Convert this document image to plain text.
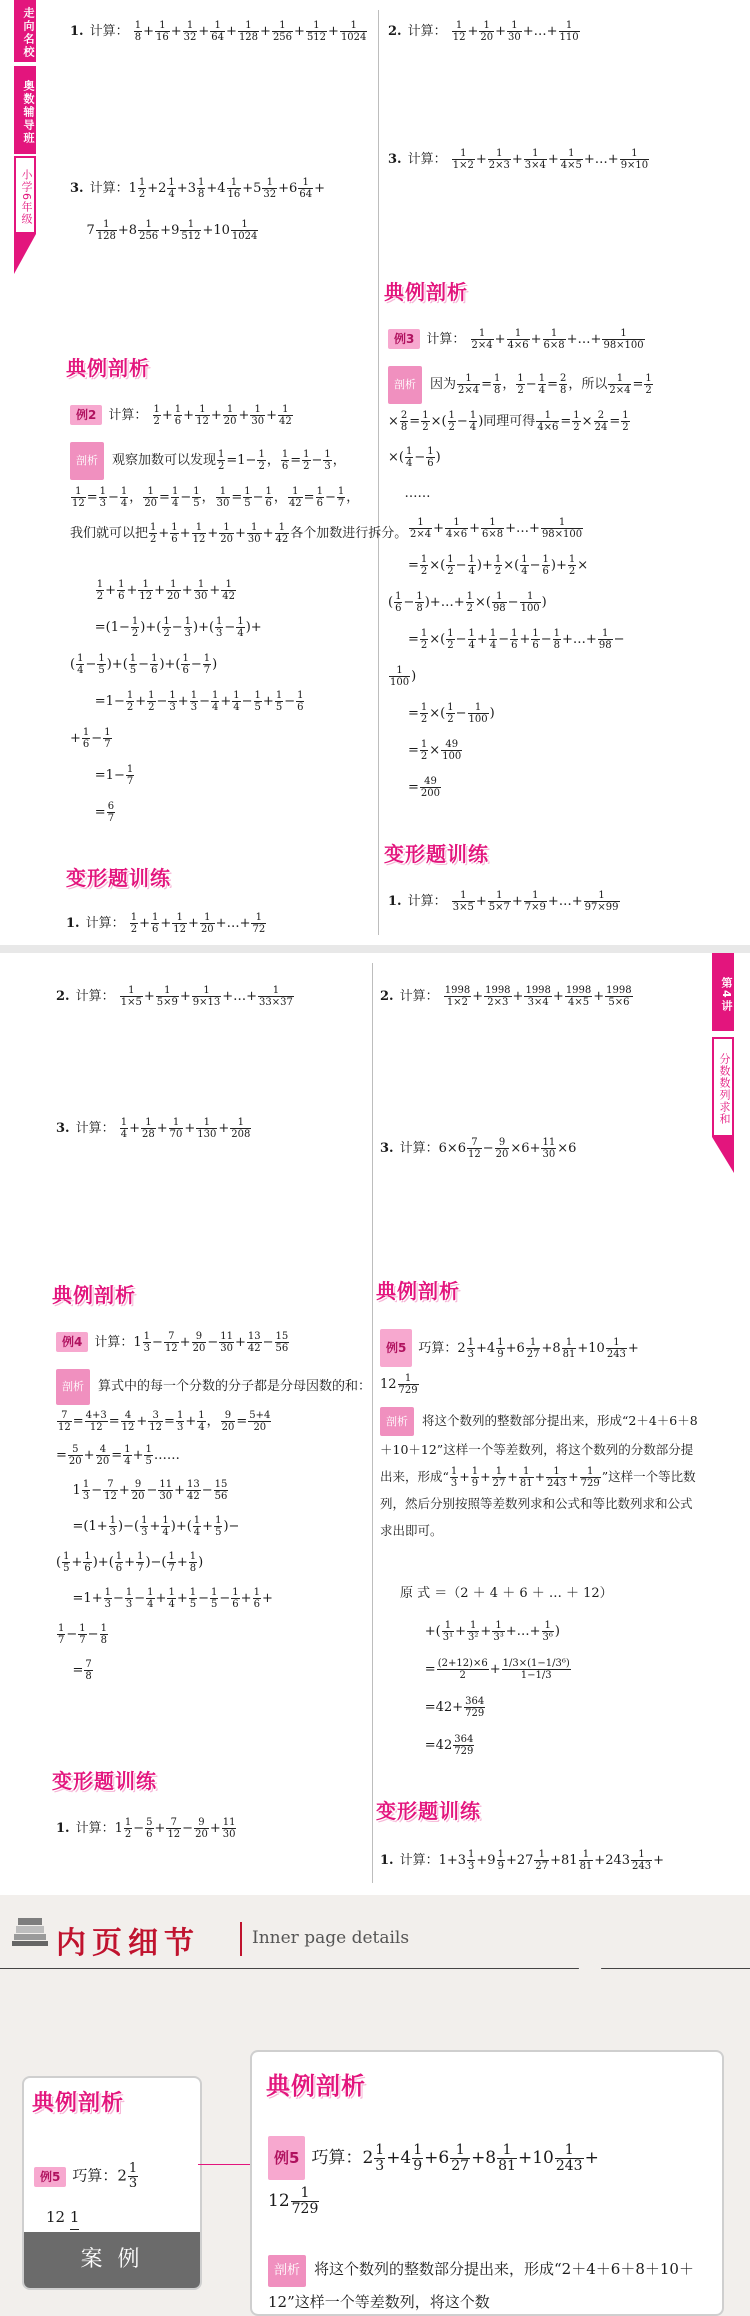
走向名校
奥数辅导班
小学6年级
1. 计算： $\frac{1}{8} + \frac{1}{16} + \frac{1}{32} + \frac{1}{64} + \frac{1}{128} + \frac{1}{256} + \frac{1}{512} + \frac{1}{1024} 2$. 计算： $\frac{1}{12} + \frac{1}{20} + \frac{1}{30}$ +…+ $\frac{1}{110}$
3. 计算：$1 \frac{1}{2} +2 \frac{1}{4} +3 \frac{1}{8} +4 \frac{1}{16} +5 \frac{1}{32} +6 \frac{1}{64}$ +
$7 \frac{1}{128} +8 \frac{1}{256} +9 \frac{1}{512} +10 \frac{1}{1024}$
3. 计算： $\frac{1}{1\times 2} + \frac{1}{2\times 3} + \frac{1}{3\times 4} + \frac{1}{4\times 5}$ +…+ $\frac{1}{9\times 10}$
典例剖析
例3 计算： $\frac{1}{2\times 4} + \frac{1}{4\times 6} + \frac{1}{6\times 8}$ +…+ $\frac{1}{98\times 100}$
剖析 因为 $\frac{1}{2\times 4} = \frac{1}{8}$ ， $\frac{1}{2} - \frac{1}{4} = \frac{2}{8}$ ，所以 $\frac{1}{2\times 4} = \frac{1}{2}$

× $\frac{2}{8} = \frac{1}{2}$ ×( $\frac{1}{2} - \frac{1}{4}$ )同理可得 $\frac{1}{4\times 6} = \frac{1}{2} \times \frac{2}{24} = \frac{1}{2}$

×( $\frac{1}{4} - \frac{1}{6}$ )
……
$\frac{1}{2\times 4} + \frac{1}{4\times 6} + \frac{1}{6\times 8}$ +…+ $\frac{1}{98\times 100}$

= $\frac{1}{2}$ ×( $\frac{1}{2} - \frac{1}{4}$ )+ $\frac{1}{2}$ ×( $\frac{1}{4} - \frac{1}{6}$ )+ $\frac{1}{2}$ ×
( $\frac{1}{6} - \frac{1}{8}$ )+…+ $\frac{1}{2}$ ×( $\frac{1}{98} - \frac{1}{100}$ )
= $\frac{1}{2}$ ×( $\frac{1}{2} - \frac{1}{4} + \frac{1}{4} - \frac{1}{6} + \frac{1}{6} - \frac{1}{8}$ +…+ $\frac{1}{98}$ −

$\frac{1}{100}$ )
= $\frac{1}{2}$ ×( $\frac{1}{2} - \frac{1}{100}$ )
= $\frac{1}{2} \times \frac{49}{100}$

= $\frac{49}{200}$
典例剖析
例2 计算： $\frac{1}{2} + \frac{1}{6} + \frac{1}{12} + \frac{1}{20} + \frac{1}{30} + \frac{1}{42}$
剖析 观察加数可以发现 $\frac{1}{2} =1- \frac{1}{2}$ ， $\frac{1}{6} = \frac{1}{2} - \frac{1}{3}$ ，

$\frac{1}{12} = \frac{1}{3} - \frac{1}{4}$ ， $\frac{1}{20} = \frac{1}{4} - \frac{1}{5}$ ， $\frac{1}{30} = \frac{1}{5} - \frac{1}{6}$ ， $\frac{1}{42} = \frac{1}{6} - \frac{1}{7}$ ，
我们就可以把 $\frac{1}{2} + \frac{1}{6} + \frac{1}{12} + \frac{1}{20} + \frac{1}{30} + \frac{1}{42}$ 各个加数进行拆分。

$\frac{1}{2} + \frac{1}{6} + \frac{1}{12} + \frac{1}{20} + \frac{1}{30} + \frac{1}{42}$

$=(1- \frac{1}{2}$ )+( $\frac{1}{2} - \frac{1}{3}$ )+( $\frac{1}{3} - \frac{1}{4}$ )+
( $\frac{1}{4} - \frac{1}{5}$ )+( $\frac{1}{5} - \frac{1}{6}$ )+( $\frac{1}{6} - \frac{1}{7}$ )
$=1- \frac{1}{2} + \frac{1}{2} - \frac{1}{3} + \frac{1}{3} - \frac{1}{4} + \frac{1}{4} - \frac{1}{5} + \frac{1}{5} - \frac{1}{6}$

+ $\frac{1}{6} - \frac{1}{7}$

$=1- \frac{1}{7}$

= $\frac{6}{7}$
变形题训练
变形题训练
1. 计算： $\frac{1}{2} + \frac{1}{6} + \frac{1}{12} + \frac{1}{20}$ +…+ $\frac{1}{72}$
1. 计算： $\frac{1}{3\times 5} + \frac{1}{5\times 7} + \frac{1}{7\times 9}$ +…+ $\frac{1}{97\times 99}$
第4讲
分数数列求和
2. 计算： $\frac{1}{1\times 5} + \frac{1}{5\times 9} + \frac{1}{9\times 13}$ +…+ $\frac{1}{33\times 37}$	2. 计算： $\frac{1998}{1\times 2} + \frac{1998}{2\times 3} + \frac{1998}{3\times 4} + \frac{1998}{4\times 5} + \frac{1998}{5\times 6}$
3. 计算： $\frac{1}{4} + \frac{1}{28} + \frac{1}{70} + \frac{1}{130} + \frac{1}{208}$
3. 计算：$6\times 6 \frac{7}{12} - \frac{9}{20} \times 6+ \frac{11}{30} \times 6$
典例剖析	典例剖析
例4 计算：$1 \frac{1}{3} - \frac{7}{12} + \frac{9}{20} - \frac{11}{30} + \frac{13}{42} - \frac{15}{56}$
剖析 算式中的每一个分数的分子都是分母因数的和：

$\frac{7}{12} = \frac{4+3}{12} = \frac{4}{12} + \frac{3}{12} = \frac{1}{3} + \frac{1}{4}$ ， $\frac{9}{20} = \frac{5+4}{20}$

= $\frac{5}{20} + \frac{4}{20} = \frac{1}{4} + \frac{1}{5}$ ……
$1 \frac{1}{3} - \frac{7}{12} + \frac{9}{20} - \frac{11}{30} + \frac{13}{42} - \frac{15}{56}$

$=(1+ \frac{1}{3}$ )−( $\frac{1}{3} + \frac{1}{4}$ )+( $\frac{1}{4} + \frac{1}{5}$ )−
( $\frac{1}{5} + \frac{1}{6}$ )+( $\frac{1}{6} + \frac{1}{7}$ )−( $\frac{1}{7} + \frac{1}{8}$ )
$=1+ \frac{1}{3} - \frac{1}{3} - \frac{1}{4} + \frac{1}{4} + \frac{1}{5} - \frac{1}{5} - \frac{1}{6} + \frac{1}{6}$ +

$\frac{1}{7} - \frac{1}{7} - \frac{1}{8}$

= $\frac{7}{8}$
例5 巧算：$2 \frac{1}{3} +4 \frac{1}{9} +6 \frac{1}{27} +8 \frac{1}{81} +10 \frac{1}{243}$ +
$12 \frac{1}{729}$
剖析 将这个数列的整数部分提出来，形成“2＋4＋6＋8＋10＋12”这样一个等差数列，将这个数列的分数部分提出来，形成“ $\frac{1}{3} + \frac{1}{9} + \frac{1}{27} + \frac{1}{81} + \frac{1}{243} + \frac{1}{729}$ ”这样一个等比数列，然后分别按照等差数列求和公式和等比数列求和公式求出即可。
原 式 ＝（2 ＋ 4 ＋ 6 ＋ … ＋ 12）
+( $\frac{1}{\text{3¹}} + \frac{1}{\text{3²}} + \frac{1}{\text{3³}}$ +…+ $\frac{1}{\text{3⁶}}$ )
= $\frac{(2+12)\times 6}{2} + \frac{\text{1/3×(1−1/3⁶)}}{1-1/3}$

$=42+ \frac{364}{729}$

$=42 \frac{364}{729}$
变形题训练
变形题训练
1. 计算：$1 \frac{1}{2} - \frac{5}{6} + \frac{7}{12} - \frac{9}{20} + \frac{11}{30}$
1. 计算：$1+3 \frac{1}{3} +9 \frac{1}{9} +27 \frac{1}{27} +81 \frac{1}{81} +243 \frac{1}{243}$ +
内页细节	Inner page details
典例剖析
例5 巧算：$2 \frac{1}{3}$
12 1
案 例
典例剖析
例5 巧算：$2 \frac{1}{3} +4 \frac{1}{9} +6 \frac{1}{27} +8 \frac{1}{81} +10 \frac{1}{243}$ +
$12 \frac{1}{729}$
剖析 将这个数列的整数部分提出来，形成“2＋4＋6＋8＋10＋12”这样一个等差数列，将这个数
